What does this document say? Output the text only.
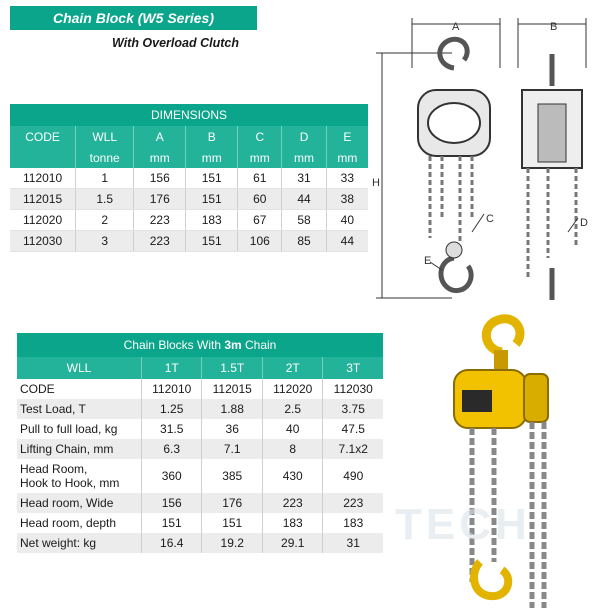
Chain Block (W5 Series)
With Overload Clutch
DIMENSIONS						
CODE	WLL	A	B	C	D	E
	tonne	mm	mm	mm	mm	mm
112010	1	156	151	61	31	33
112015	1.5	176	151	60	44	38
112020	2	223	183	67	58	40
112030	3	223	151	106	85	44
Chain Blocks With 3m Chain				
WLL	1T	1.5T	2T	3T
CODE	112010	112015	112020	112030
Test Load, T	1.25	1.88	2.5	3.75
Pull to full load, kg	31.5	36	40	47.5
Lifting Chain, mm	6.3	7.1	8	7.1x2
Head Room,
Hook to Hook, mm	360	385	430	490
Head room, Wide	156	176	223	223
Head room, depth	151	151	183	183
Net weight: kg	16.4	19.2	29.1	31
A	B
H
C	D
E
TECH
